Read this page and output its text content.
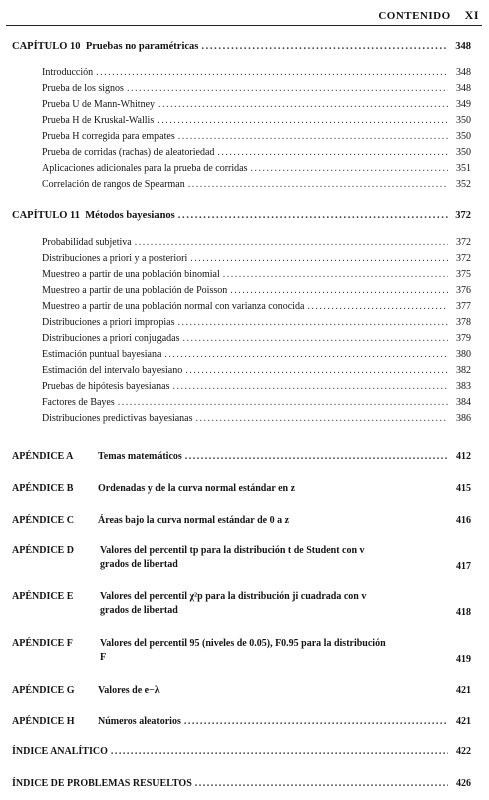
CONTENIDO XI
CAPÍTULO 10 Pruebas no paramétricas . . .	348
Introducción . . .	348
Prueba de los signos . . .	348
Prueba U de Mann-Whitney . . .	349
Prueba H de Kruskal-Wallis . . .	350
Prueba H corregida para empates . . .	350
Prueba de corridas (rachas) de aleatoriedad . . .	350
Aplicaciones adicionales para la prueba de corridas . . .	351
Correlación de rangos de Spearman . . .	352
CAPÍTULO 11 Métodos bayesianos . . .	372
Probabilidad subjetiva . . .	372
Distribuciones a priori y a posteriori . . .	372
Muestreo a partir de una población binomial . . .	375
Muestreo a partir de una población de Poisson . . .	376
Muestreo a partir de una población normal con varianza conocida . . .	377
Distribuciones a priori impropias . . .	378
Distribuciones a priori conjugadas . . .	379
Estimación puntual bayesiana . . .	380
Estimación del intervalo bayesiano . . .	382
Pruebas de hipótesis bayesianas . . .	383
Factores de Bayes . . .	384
Distribuciones predictivas bayesianas . . .	386
APÉNDICE A Temas matemáticos . . .	412
APÉNDICE B Ordenadas y de la curva normal estándar en z	415
APÉNDICE C Áreas bajo la curva normal estándar de 0 a z	416
APÉNDICE D	Valores del percentil tp para la distribución t de Student con v grados de libertad	417
APÉNDICE E	Valores del percentil χ²p para la distribución ji cuadrada con v grados de libertad	418
APÉNDICE F	Valores del percentil 95 (niveles de 0.05), F0.95 para la distribución F	419
APÉNDICE G Valores de e−λ	421
APÉNDICE H Números aleatorios . . .	421
ÍNDICE ANALÍTICO . . .	422
ÍNDICE DE PROBLEMAS RESUELTOS . . .	426
